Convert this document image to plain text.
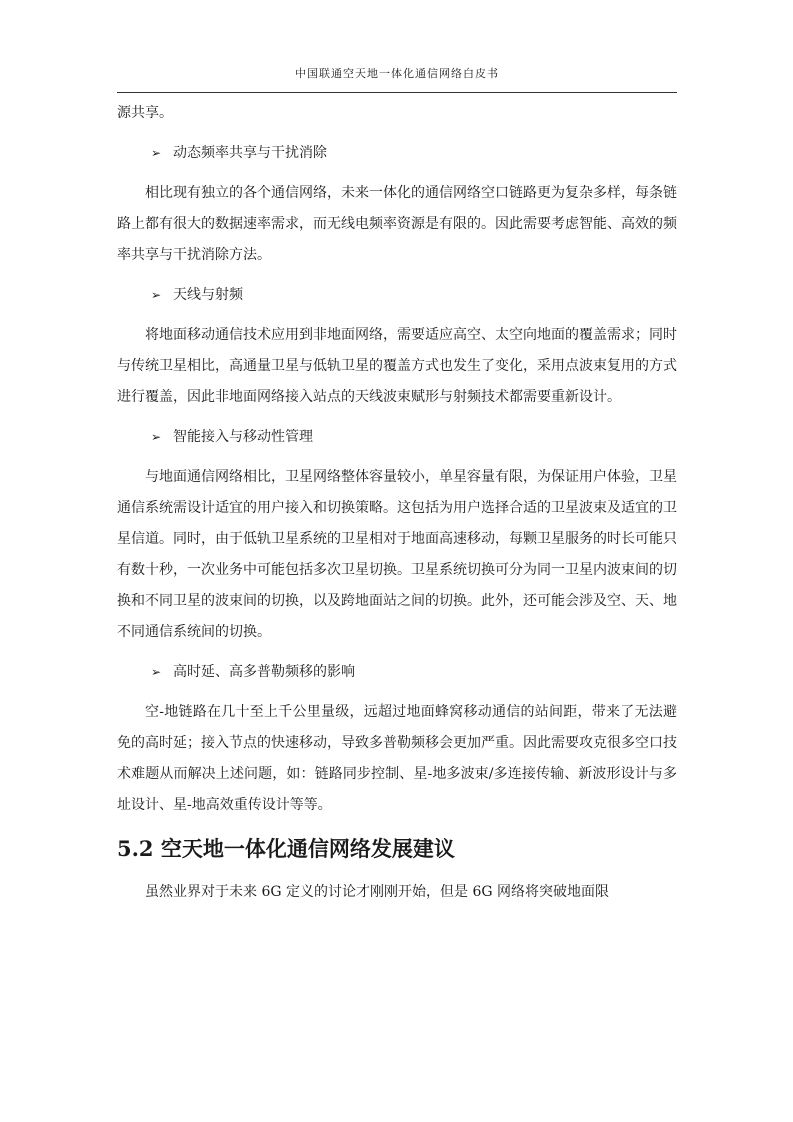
中国联通空天地一体化通信网络白皮书

源共享。

➢ 动态频率共享与干扰消除

相比现有独立的各个通信网络，未来一体化的通信网络空口链路更为复杂多样，每条链路上都有很大的数据速率需求，而无线电频率资源是有限的。因此需要考虑智能、高效的频率共享与干扰消除方法。

➢ 天线与射频

将地面移动通信技术应用到非地面网络，需要适应高空、太空向地面的覆盖需求；同时与传统卫星相比，高通量卫星与低轨卫星的覆盖方式也发生了变化，采用点波束复用的方式进行覆盖，因此非地面网络接入站点的天线波束赋形与射频技术都需要重新设计。

➢ 智能接入与移动性管理

与地面通信网络相比，卫星网络整体容量较小，单星容量有限，为保证用户体验，卫星通信系统需设计适宜的用户接入和切换策略。这包括为用户选择合适的卫星波束及适宜的卫星信道。同时，由于低轨卫星系统的卫星相对于地面高速移动，每颗卫星服务的时长可能只有数十秒，一次业务中可能包括多次卫星切换。卫星系统切换可分为同一卫星内波束间的切换和不同卫星的波束间的切换，以及跨地面站之间的切换。此外，还可能会涉及空、天、地不同通信系统间的切换。

➢ 高时延、高多普勒频移的影响

空-地链路在几十至上千公里量级，远超过地面蜂窝移动通信的站间距，带来了无法避免的高时延；接入节点的快速移动，导致多普勒频移会更加严重。因此需要攻克很多空口技术难题从而解决上述问题，如：链路同步控制、星-地多波束/多连接传输、新波形设计与多址设计、星-地高效重传设计等等。

5.2 空天地一体化通信网络发展建议

虽然业界对于未来 6G 定义的讨论才刚刚开始，但是 6G 网络将突破地面限
